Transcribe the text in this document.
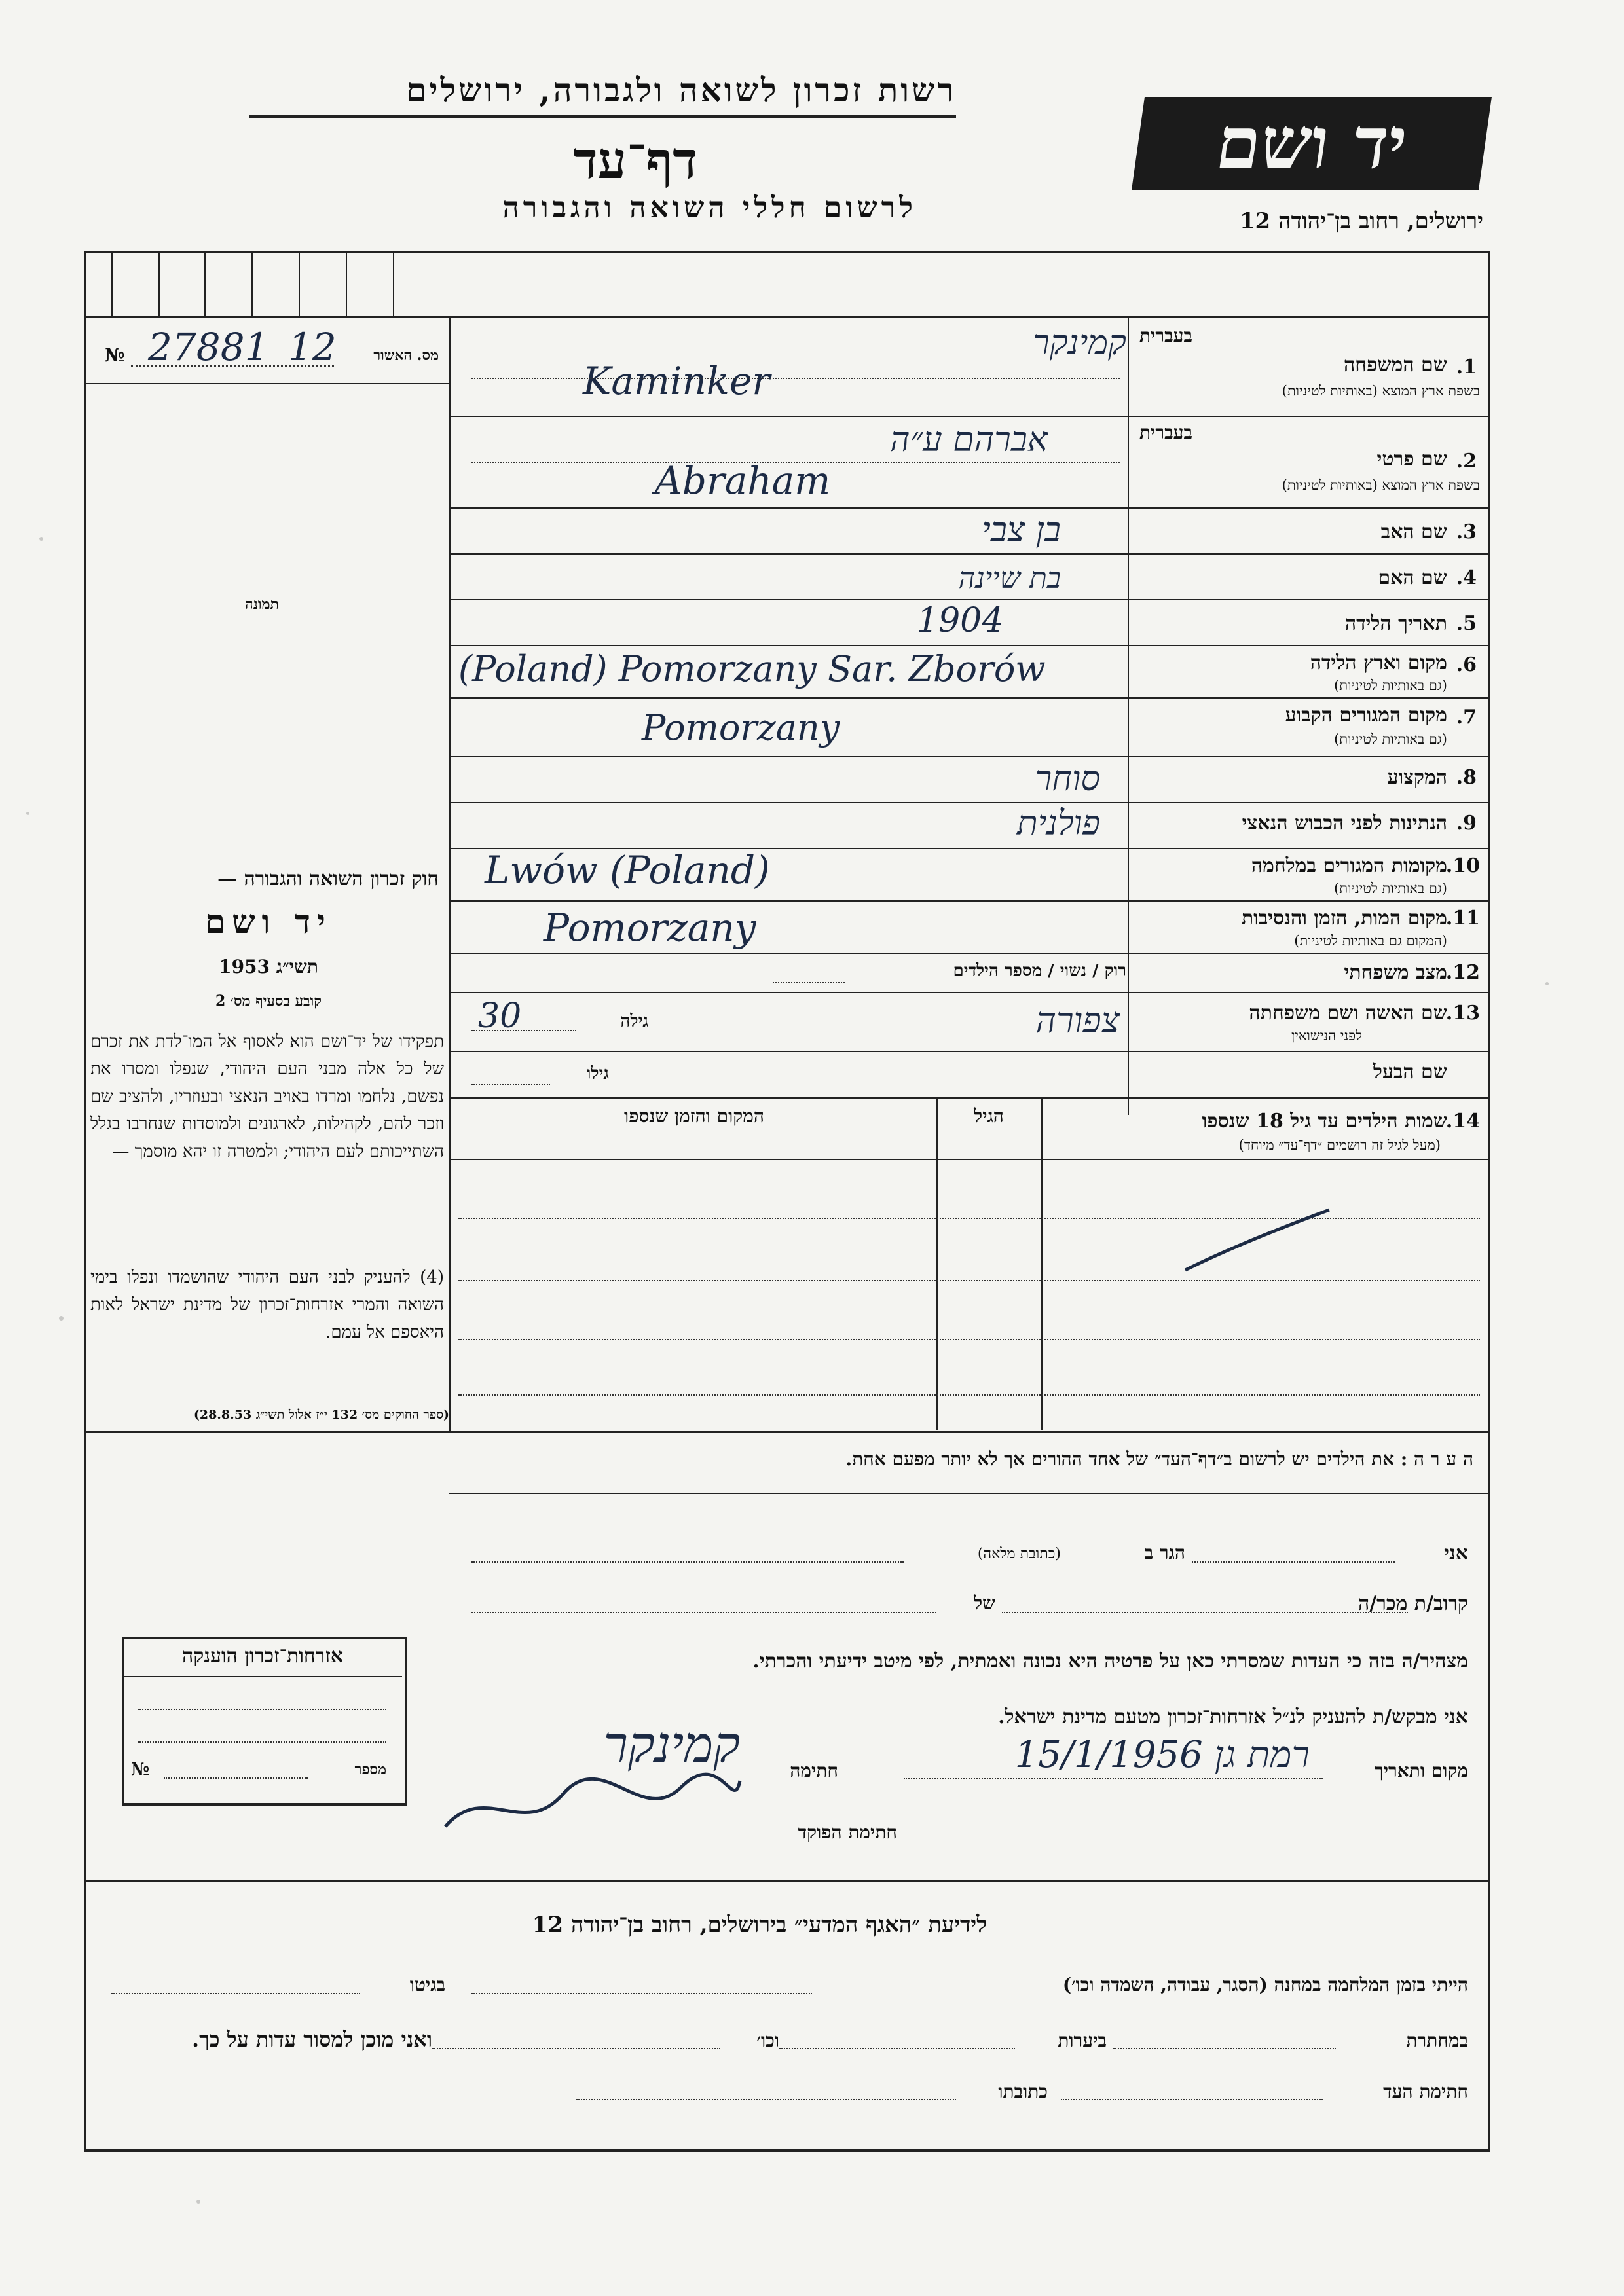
רשות זכרון לשואה ולגבורה, ירושלים
דף־עד
לרשום חללי השואה והגבורה
יד ושם
ירושלים, רחוב בן־יהודה 12
מס. האשור
№ 27881 12
תמונה
חוק זכרון השואה והגבורה —
יד ושם
תשי״ג 1953
קובע בסעיף מס׳ 2
תפקידו של יד־ושם הוא לאסוף אל המו־לדת את זכרם של כל אלה מבני העם היהודי, שנפלו ומסרו את נפשם, נלחמו ומרדו באויב הנאצי ובעוזריו, ולהציב שם וזכר להם, לקהילות, לארגונים ולמוסדות שנחרבו בגלל השתייכותם לעם היהודי; ולמטרה זו יהא מוסמך —
(4) להעניק לבני העם היהודי שהושמדו ונפלו בימי השואה והמרי אזרחות־זכרון של מדינת ישראל לאות היאספם אל עמם.
(ספר החוקים מס׳ 132 י״ז אלול תשי״ג 28.8.53)
בעברית
שם המשפחה 1.
בשפת ארץ המוצא (באותיות לטיניות)
קמינקר
Kaminker
בעברית
שם פרטי 2.
בשפת ארץ המוצא (באותיות לטיניות)
אברהם ע״ה
Abraham
שם האב 3.
בן צבי
שם האם 4.
בת שיינה
תאריך הלידה 5.
1904
מקום וארץ הלידה 6.
(גם באותיות לטיניות)
(Poland) Pomorzany Sar. Zborów
מקום המגורים הקבוע 7.
(גם באותיות לטיניות)
Pomorzany
המקצוע 8.
סוחר
הנתינות לפני הכבוש הנאצי 9.
פולנית
מקומות המגורים במלחמה
10.
(גם באותיות לטיניות)
Lwów (Poland)
מקום המות, הזמן והנסיבות
11.
(המקום גם באותיות לטיניות)
Pomorzany
מצב משפחתי
12.
רוק / נשוי / מספר הילדים
שם האשה ושם משפחתה
13.
לפני הנישואין
צפורה
גילה
30
שם הבעל
גילו
שמות הילדים עד גיל 18 שנספו
14.
(מעל לגיל זה רושמים ״דף־עד״ מיוחד)
הגיל
המקום והזמן שנספו
ה ע ר ה : את הילדים יש לרשום ב״דף־העד״ של אחד ההורים אך לא יותר מפעם אחת.
אני
הגר ב
(כתובת מלאה)
קרוב/ת מכר/ה
של
מצהיר/ה בזה כי העדות שמסרתי כאן על פרטיה היא נכונה ואמתית, לפי מיטב ידיעתי והכרתי.
אני מבקש/ת להעניק לנ״ל אזרחות־זכרון מטעם מדינת ישראל.
מקום ותאריך
רמת גן 15/1/1956
חתימה
קמינקר
חתימת הפוקד
אזרחות־זכרון הוענקה
מספר
№
לידיעת ״האגף המדעי״ בירושלים, רחוב בן־יהודה 12
הייתי בזמן המלחמה במחנה (הסגר, עבודה, השמדה וכו׳)
בגיטו
במחתרת
ביערות
וכו׳
ואני מוכן למסור עדות על כך.
חתימת העד
כתובתו
